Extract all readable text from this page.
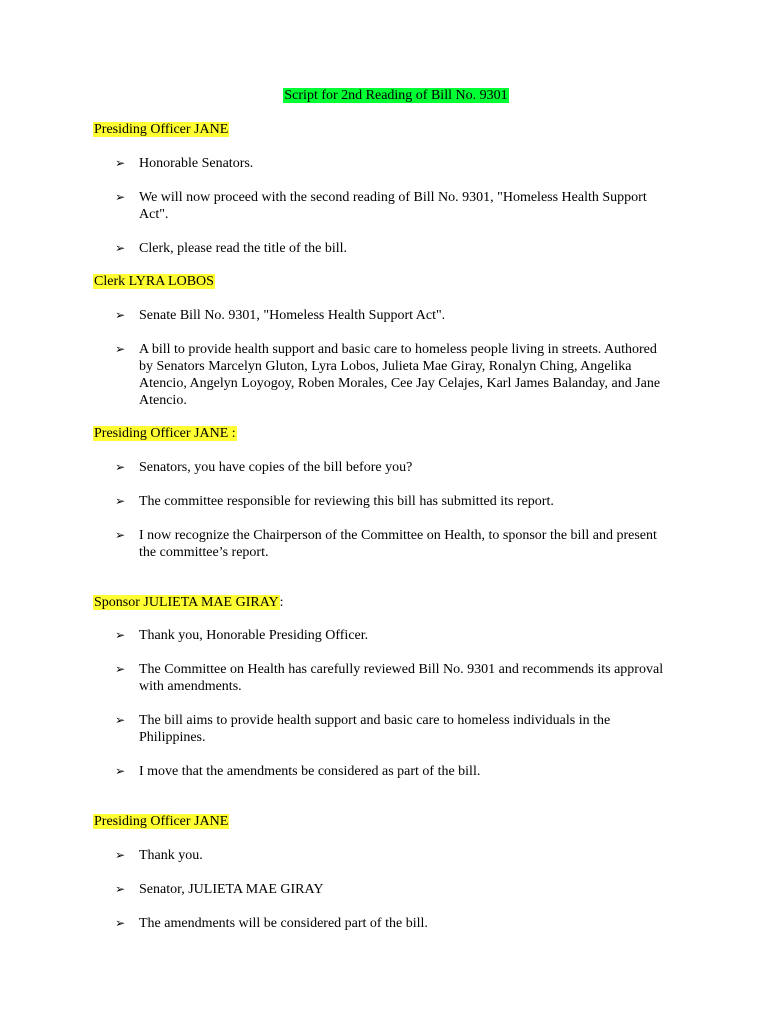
Script for 2nd Reading of Bill No. 9301
Presiding Officer JANE
➢ Honorable Senators.
➢ We will now proceed with the second reading of Bill No. 9301, "Homeless Health Support Act".
➢ Clerk, please read the title of the bill.
Clerk LYRA LOBOS
➢ Senate Bill No. 9301, "Homeless Health Support Act".
➢ A bill to provide health support and basic care to homeless people living in streets. Authored by Senators Marcelyn Gluton, Lyra Lobos, Julieta Mae Giray, Ronalyn Ching, Angelika Atencio, Angelyn Loyogoy, Roben Morales, Cee Jay Celajes, Karl James Balanday, and Jane Atencio.
Presiding Officer JANE :
➢ Senators, you have copies of the bill before you?
➢ The committee responsible for reviewing this bill has submitted its report.
➢ I now recognize the Chairperson of the Committee on Health, to sponsor the bill and present the committee’s report.
Sponsor JULIETA MAE GIRAY:
➢ Thank you, Honorable Presiding Officer.
➢ The Committee on Health has carefully reviewed Bill No. 9301 and recommends its approval with amendments.
➢ The bill aims to provide health support and basic care to homeless individuals in the Philippines.
➢ I move that the amendments be considered as part of the bill.
Presiding Officer JANE
➢ Thank you.
➢ Senator, JULIETA MAE GIRAY
➢ The amendments will be considered part of the bill.
